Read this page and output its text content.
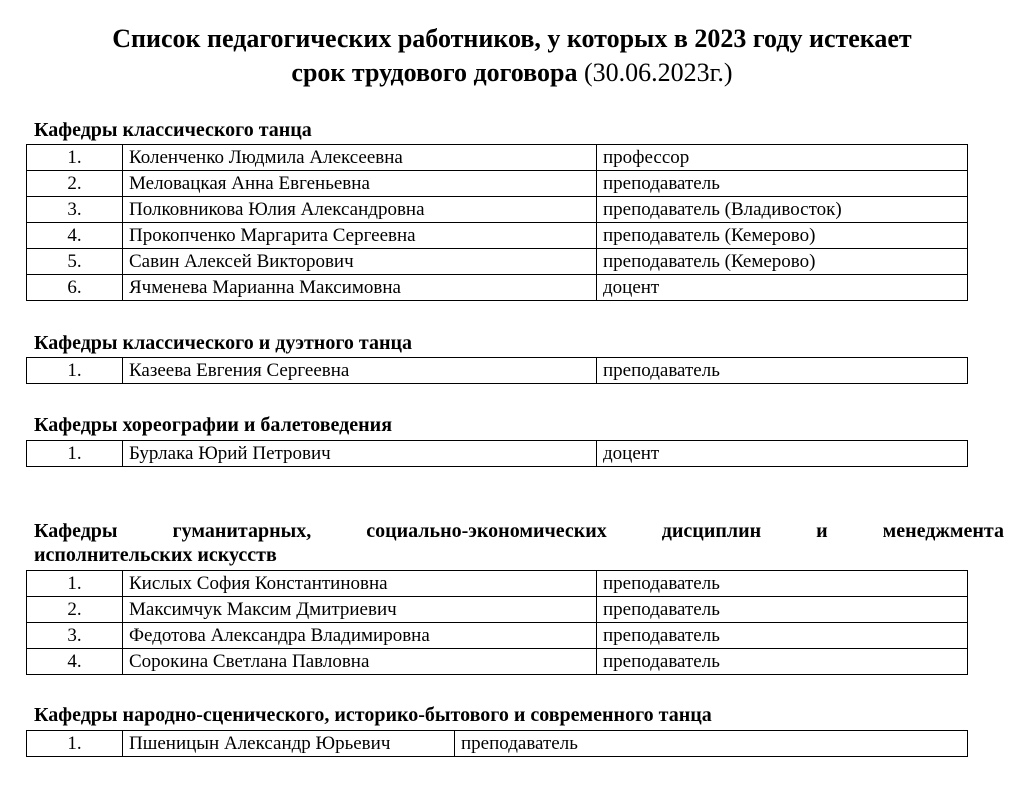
Список педагогических работников, у которых в 2023 году истекает
срок трудового договора (30.06.2023г.)
Кафедры классического танца
1.	Коленченко Людмила Алексеевна	профессор
2.	Меловацкая Анна Евгеньевна	преподаватель
3.	Полковникова Юлия Александровна	преподаватель (Владивосток)
4.	Прокопченко Маргарита Сергеевна	преподаватель (Кемерово)
5.	Савин Алексей Викторович	преподаватель (Кемерово)
6.	Ячменева Марианна Максимовна	доцент
Кафедры классического и дуэтного танца
1.	Казеева Евгения Сергеевна	преподаватель
Кафедры хореографии и балетоведения
1.	Бурлака Юрий Петрович	доцент
Кафедры гуманитарных, социально-экономических дисциплин и менеджмента
исполнительских искусств
1.	Кислых София Константиновна	преподаватель
2.	Максимчук Максим Дмитриевич	преподаватель
3.	Федотова Александра Владимировна	преподаватель
4.	Сорокина Светлана Павловна	преподаватель
Кафедры народно-сценического, историко-бытового и современного танца
1.	Пшеницын Александр Юрьевич	преподаватель
